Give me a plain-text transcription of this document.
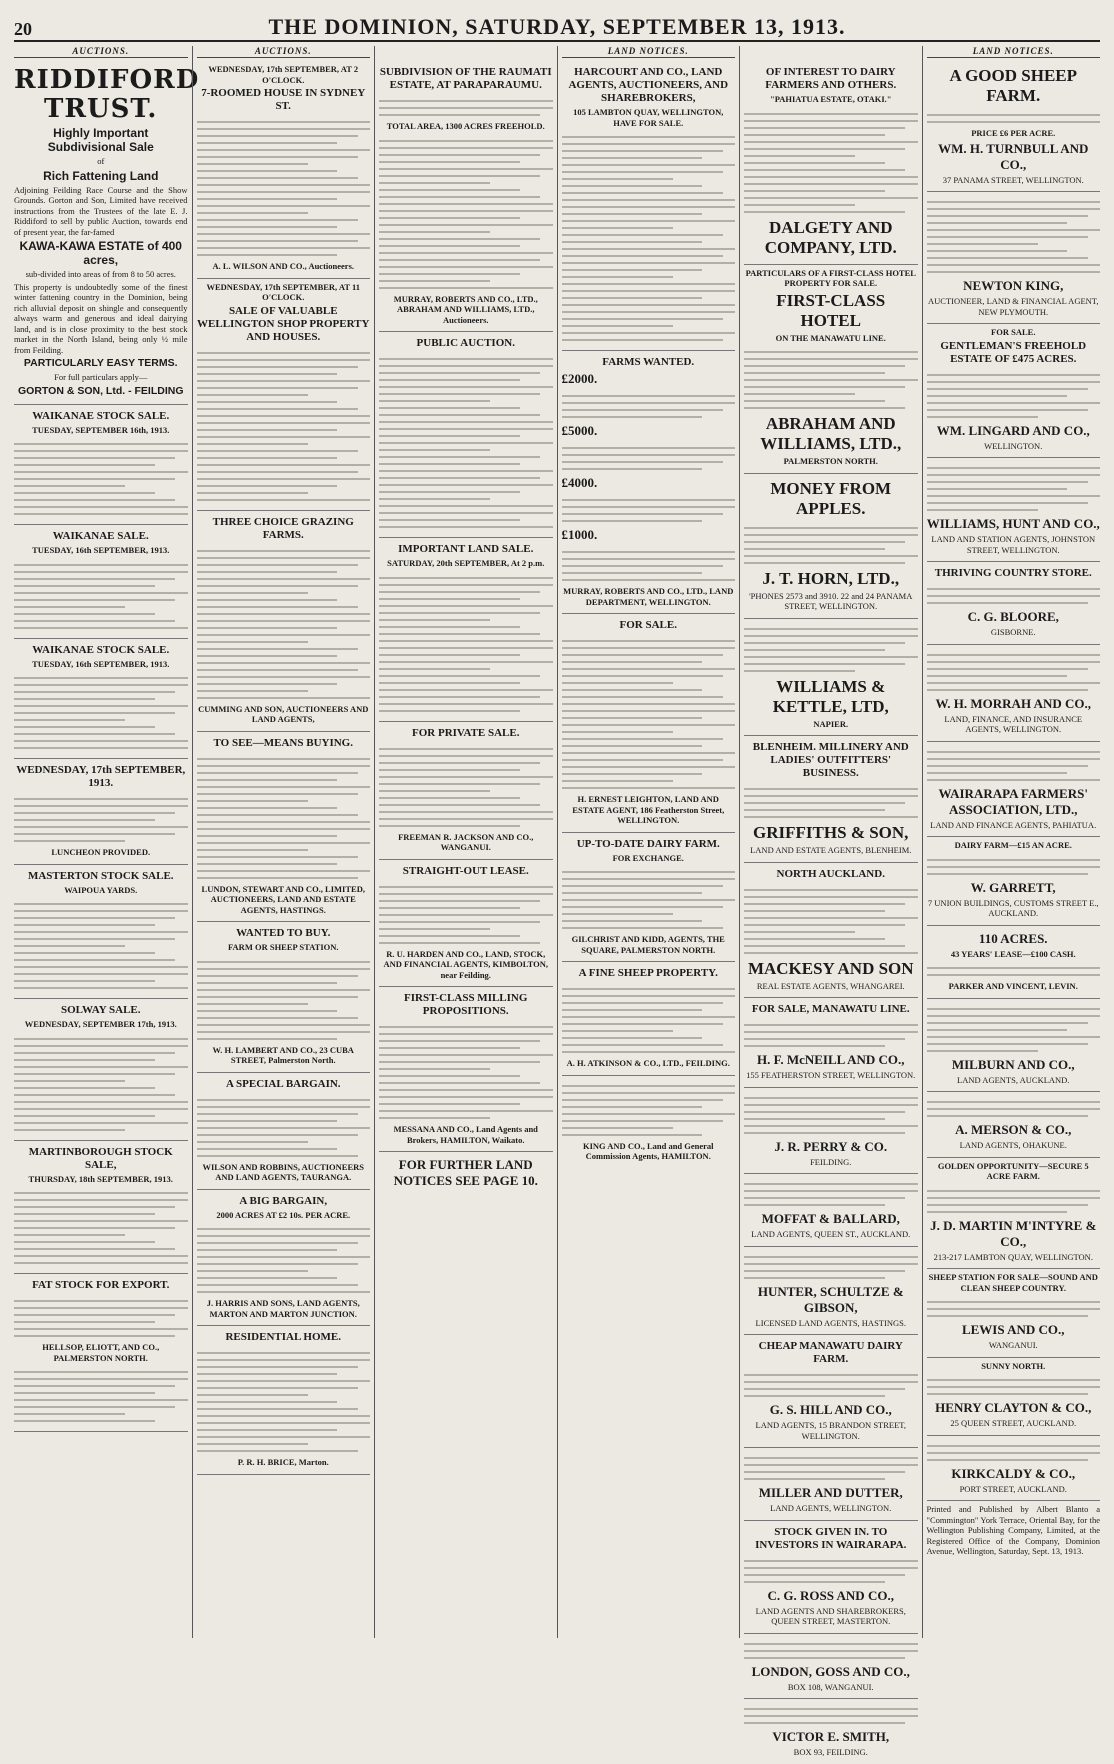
20	THE DOMINION, SATURDAY, SEPTEMBER 13, 1913.
AUCTIONS.
RIDDIFORD TRUST.
Highly Important Subdivisional Sale

of

Rich Fattening Land

Adjoining Feilding Race Course and the Show Grounds. Gorton and Son, Limited have received instructions from the Trustees of the late E. J. Riddiford to sell by public Auction, towards end of present year, the far-famed

KAWA-KAWA ESTATE of 400 acres,

sub-divided into areas of from 8 to 50 acres.

This property is undoubtedly some of the finest winter fattening country in the Dominion, being rich alluvial deposit on shingle and consequently always warm and generous and ideal dairying land, and is in close proximity to the best stock market in the North Island, being only ½ mile from Feilding.

PARTICULARLY EASY TERMS.

For full particulars apply—

GORTON & SON, Ltd. - FEILDING

WAIKANAE STOCK SALE.

TUESDAY, SEPTEMBER 16th, 1913.

WAIKANAE SALE.

TUESDAY, 16th SEPTEMBER, 1913.

WAIKANAE STOCK SALE.

TUESDAY, 16th SEPTEMBER, 1913.

WEDNESDAY, 17th SEPTEMBER, 1913.

LUNCHEON PROVIDED.

MASTERTON STOCK SALE.

WAIPOUA YARDS.

SOLWAY SALE.

WEDNESDAY, SEPTEMBER 17th, 1913.

MARTINBOROUGH STOCK SALE,

THURSDAY, 18th SEPTEMBER, 1913.

FAT STOCK FOR EXPORT.

HELLSOP, ELIOTT, AND CO., PALMERSTON NORTH.

AUCTIONS.

WEDNESDAY, 17th SEPTEMBER, AT 2 O'CLOCK.

7-ROOMED HOUSE IN SYDNEY ST.

A. L. WILSON AND CO., Auctioneers.

WEDNESDAY, 17th SEPTEMBER, AT 11 O'CLOCK.

SALE OF VALUABLE WELLINGTON SHOP PROPERTY AND HOUSES.
THREE CHOICE GRAZING FARMS.

CUMMING AND SON, AUCTIONEERS AND LAND AGENTS,

TO SEE—MEANS BUYING.

LUNDON, STEWART AND CO., LIMITED, AUCTIONEERS, LAND AND ESTATE AGENTS, HASTINGS.

WANTED TO BUY.

FARM OR SHEEP STATION.

W. H. LAMBERT AND CO., 23 CUBA STREET, Palmerston North.

A SPECIAL BARGAIN.

WILSON AND ROBBINS, AUCTIONEERS AND LAND AGENTS, TAURANGA.

A BIG BARGAIN,

2000 ACRES AT £2 10s. PER ACRE.

J. HARRIS AND SONS, LAND AGENTS, MARTON AND MARTON JUNCTION.

RESIDENTIAL HOME.

P. R. H. BRICE, Marton.

SUBDIVISION OF THE RAUMATI ESTATE, AT PARAPARAUMU.

TOTAL AREA, 1300 ACRES FREEHOLD.

MURRAY, ROBERTS AND CO., LTD., ABRAHAM AND WILLIAMS, LTD., Auctioneers.

PUBLIC AUCTION.
IMPORTANT LAND SALE.

SATURDAY, 20th SEPTEMBER, At 2 p.m.

FOR PRIVATE SALE.

FREEMAN R. JACKSON AND CO., WANGANUI.

STRAIGHT-OUT LEASE.

R. U. HARDEN AND CO., LAND, STOCK, AND FINANCIAL AGENTS, KIMBOLTON, near Feilding.

FIRST-CLASS MILLING PROPOSITIONS.

MESSANA AND CO., Land Agents and Brokers, HAMILTON, Waikato.

FOR FURTHER LAND NOTICES SEE PAGE 10.
LAND NOTICES.
HARCOURT AND CO., LAND AGENTS, AUCTIONEERS, AND SHAREBROKERS,

105 LAMBTON QUAY, WELLINGTON, HAVE FOR SALE.

FARMS WANTED.
£2000.
£5000.
£4000.
£1000.

MURRAY, ROBERTS AND CO., LTD., LAND DEPARTMENT, WELLINGTON.

FOR SALE.

H. ERNEST LEIGHTON, LAND AND ESTATE AGENT, 186 Featherston Street, WELLINGTON.

UP-TO-DATE DAIRY FARM.

FOR EXCHANGE.

GILCHRIST AND KIDD, AGENTS, THE SQUARE, PALMERSTON NORTH.

A FINE SHEEP PROPERTY.

A. H. ATKINSON & CO., LTD., FEILDING.

KING AND CO., Land and General Commission Agents, HAMILTON.

OF INTEREST TO DAIRY FARMERS AND OTHERS.

"PAHIATUA ESTATE, OTAKI."

DALGETY AND COMPANY, LTD.

PARTICULARS OF A FIRST-CLASS HOTEL PROPERTY FOR SALE.

FIRST-CLASS HOTEL

ON THE MANAWATU LINE.

ABRAHAM AND WILLIAMS, LTD.,

PALMERSTON NORTH.

MONEY FROM APPLES.
J. T. HORN, LTD.,

'PHONES 2573 and 3910. 22 and 24 PANAMA STREET, WELLINGTON.

WILLIAMS & KETTLE, LTD,

NAPIER.

BLENHEIM. MILLINERY AND LADIES' OUTFITTERS' BUSINESS.
GRIFFITHS & SON,

LAND AND ESTATE AGENTS, BLENHEIM.

NORTH AUCKLAND.
MACKESY AND SON

REAL ESTATE AGENTS, WHANGAREI.

FOR SALE, MANAWATU LINE.
H. F. McNEILL AND CO.,

155 FEATHERSTON STREET, WELLINGTON.

J. R. PERRY & CO.

FEILDING.

MOFFAT & BALLARD,

LAND AGENTS, QUEEN ST., AUCKLAND.

HUNTER, SCHULTZE & GIBSON,

LICENSED LAND AGENTS, HASTINGS.

CHEAP MANAWATU DAIRY FARM.
G. S. HILL AND CO.,

LAND AGENTS, 15 BRANDON STREET, WELLINGTON.

MILLER AND DUTTER,

LAND AGENTS, WELLINGTON.

STOCK GIVEN IN. TO INVESTORS IN WAIRARAPA.
C. G. ROSS AND CO.,

LAND AGENTS AND SHAREBROKERS, QUEEN STREET, MASTERTON.

LONDON, GOSS AND CO.,

BOX 108, WANGANUI.

VICTOR E. SMITH,

BOX 93, FEILDING.

LAND NOTICES.
A GOOD SHEEP FARM.

PRICE £6 PER ACRE.

WM. H. TURNBULL AND CO.,

37 PANAMA STREET, WELLINGTON.

NEWTON KING,

AUCTIONEER, LAND & FINANCIAL AGENT, NEW PLYMOUTH.

FOR SALE.

GENTLEMAN'S FREEHOLD ESTATE OF £475 ACRES.
WM. LINGARD AND CO.,

WELLINGTON.

WILLIAMS, HUNT AND CO.,

LAND AND STATION AGENTS, JOHNSTON STREET, WELLINGTON.

THRIVING COUNTRY STORE.
C. G. BLOORE,

GISBORNE.

W. H. MORRAH AND CO.,

LAND, FINANCE, AND INSURANCE AGENTS, WELLINGTON.

WAIRARAPA FARMERS' ASSOCIATION, LTD.,

LAND AND FINANCE AGENTS, PAHIATUA.

DAIRY FARM—£15 AN ACRE.

W. GARRETT,

7 UNION BUILDINGS, CUSTOMS STREET E., AUCKLAND.

110 ACRES.

43 YEARS' LEASE—£100 CASH.

PARKER AND VINCENT, LEVIN.

MILBURN AND CO.,

LAND AGENTS, AUCKLAND.

A. MERSON & CO.,

LAND AGENTS, OHAKUNE.

GOLDEN OPPORTUNITY—SECURE 5 ACRE FARM.

J. D. MARTIN M'INTYRE & CO.,

213-217 LAMBTON QUAY, WELLINGTON.

SHEEP STATION FOR SALE—SOUND AND CLEAN SHEEP COUNTRY.

LEWIS AND CO.,

WANGANUI.

SUNNY NORTH.

HENRY CLAYTON & CO.,

25 QUEEN STREET, AUCKLAND.

KIRKCALDY & CO.,

PORT STREET, AUCKLAND.

Printed and Published by Albert Blanto a "Commington" York Terrace, Oriental Bay, for the Wellington Publishing Company, Limited, at the Registered Office of the Company, Dominion Avenue, Wellington, Saturday, Sept. 13, 1913.
